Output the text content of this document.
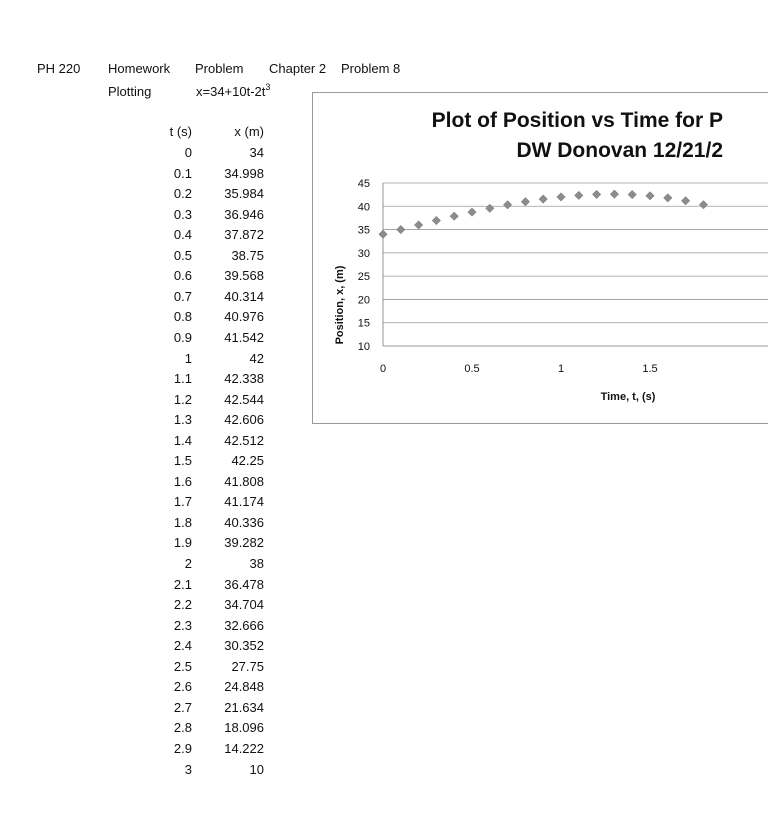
PH 220 Homework Problem Chapter 2 Problem 8
Plotting	$x=34+10t-2t^3$
t (s)	x (m)
0	34
0.1	34.998
0.2	35.984
0.3	36.946
0.4	37.872
0.5	38.75
0.6	39.568
0.7	40.314
0.8	40.976
0.9	41.542
1	42
1.1	42.338
1.2	42.544
1.3	42.606
1.4	42.512
1.5	42.25
1.6	41.808
1.7	41.174
1.8	40.336
1.9	39.282
2	38
2.1	36.478
2.2	34.704
2.3	32.666
2.4	30.352
2.5	27.75
2.6	24.848
2.7	21.634
2.8	18.096
2.9	14.222
3	10
Plot of Position vs Time for P
DW Donovan 12/21/2
10
15
20
25
30
35
40
45
0	0.5	1	1.5
Time, t, (s)
Position, x, (m)
